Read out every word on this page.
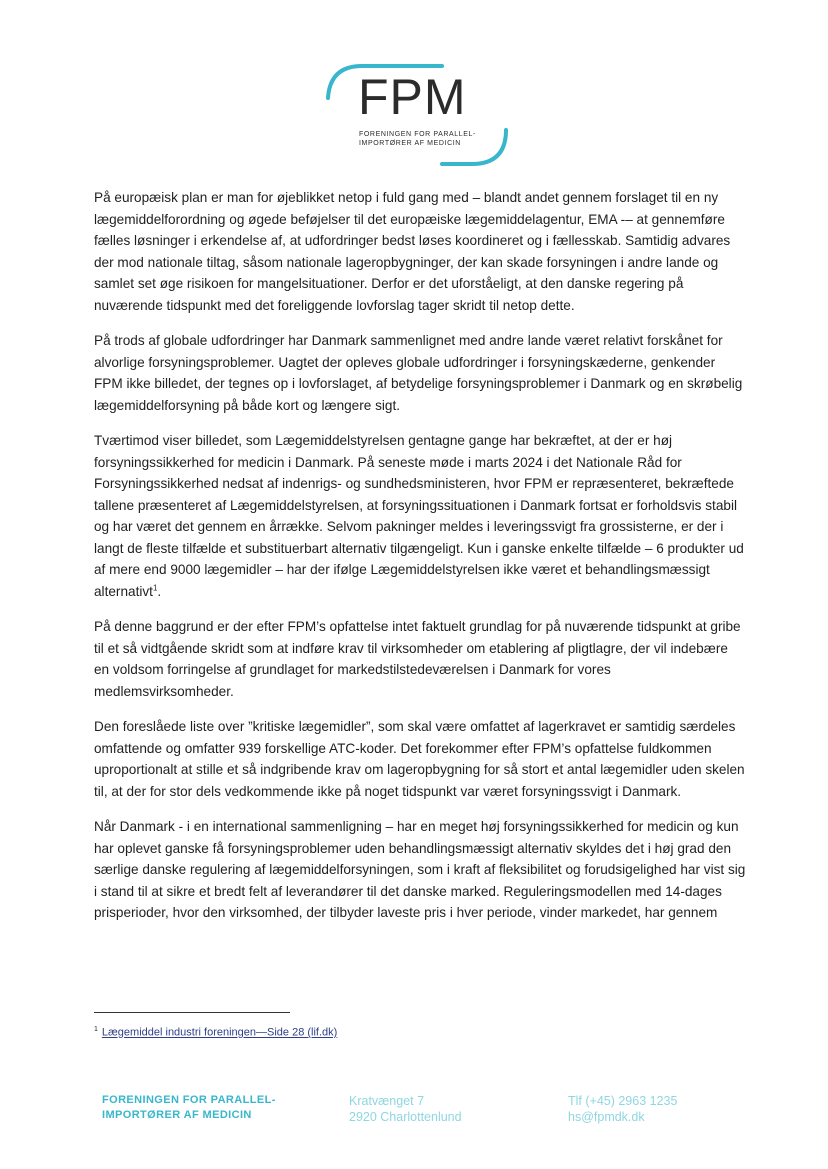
FPM
FORENINGEN FOR PARALLEL-
IMPORTØRER AF MEDICIN

På europæisk plan er man for øjeblikket netop i fuld gang med – blandt andet gennem forslaget til en ny lægemiddelforordning og øgede beføjelser til det europæiske lægemiddelagentur, EMA -– at gennemføre fælles løsninger i erkendelse af, at udfordringer bedst løses koordineret og i fællesskab. Samtidig advares der mod nationale tiltag, såsom nationale lageropbygninger, der kan skade forsyningen i andre lande og samlet set øge risikoen for mangelsituationer. Derfor er det uforståeligt, at den danske regering på nuværende tidspunkt med det foreliggende lovforslag tager skridt til netop dette.

På trods af globale udfordringer har Danmark sammenlignet med andre lande været relativt forskånet for alvorlige forsyningsproblemer. Uagtet der opleves globale udfordringer i forsyningskæderne, genkender FPM ikke billedet, der tegnes op i lovforslaget, af betydelige forsyningsproblemer i Danmark og en skrøbelig lægemiddelforsyning på både kort og længere sigt.

Tværtimod viser billedet, som Lægemiddelstyrelsen gentagne gange har bekræftet, at der er høj forsyningssikkerhed for medicin i Danmark. På seneste møde i marts 2024 i det Nationale Råd for Forsyningssikkerhed nedsat af indenrigs- og sundhedsministeren, hvor FPM er repræsenteret, bekræftede tallene præsenteret af Lægemiddelstyrelsen, at forsyningssituationen i Danmark fortsat er forholdsvis stabil og har været det gennem en årrække. Selvom pakninger meldes i leveringssvigt fra grossisterne, er der i langt de fleste tilfælde et substituerbart alternativ tilgængeligt. Kun i ganske enkelte tilfælde – 6 produkter ud af mere end 9000 lægemidler – har der ifølge Lægemiddelstyrelsen ikke været et behandlingsmæssigt alternativt$^1$.

På denne baggrund er der efter FPM’s opfattelse intet faktuelt grundlag for på nuværende tidspunkt at gribe til et så vidtgående skridt som at indføre krav til virksomheder om etablering af pligtlagre, der vil indebære en voldsom forringelse af grundlaget for markedstilstedeværelsen i Danmark for vores medlemsvirksomheder.

Den foreslåede liste over ”kritiske lægemidler”, som skal være omfattet af lagerkravet er samtidig særdeles omfattende og omfatter 939 forskellige ATC-koder. Det forekommer efter FPM’s opfattelse fuldkommen uproportionalt at stille et så indgribende krav om lageropbygning for så stort et antal lægemidler uden skelen til, at der for stor dels vedkommende ikke på noget tidspunkt var været forsyningssvigt i Danmark.

Når Danmark - i en international sammenligning – har en meget høj forsyningssikkerhed for medicin og kun har oplevet ganske få forsyningsproblemer uden behandlingsmæssigt alternativ skyldes det i høj grad den særlige danske regulering af lægemiddelforsyningen, som i kraft af fleksibilitet og forudsigelighed har vist sig i stand til at sikre et bredt felt af leverandører til det danske marked. Reguleringsmodellen med 14-dages prisperioder, hvor den virksomhed, der tilbyder laveste pris i hver periode, vinder markedet, har gennem

$^1$ Lægemiddel industri foreningen—Side 28 (lif.dk)
FORENINGEN FOR PARALLEL-
IMPORTØRER AF MEDICIN
Kratvænget 7
2920 Charlottenlund
Tlf (+45) 2963 1235
hs@fpmdk.dk
